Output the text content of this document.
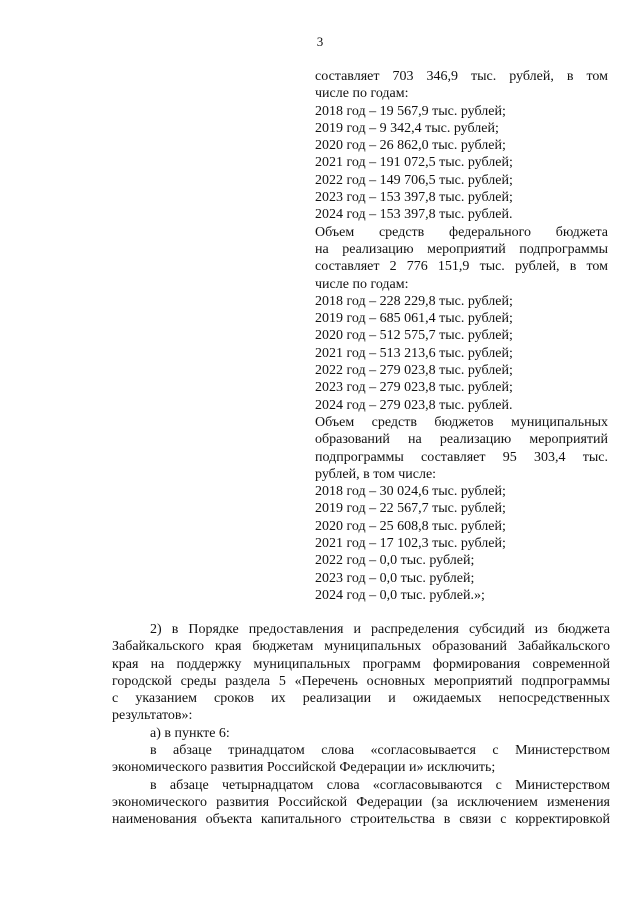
3

составляет 703 346,9 тыс. рублей, в том

числе по годам:

2018 год – 19 567,9 тыс. рублей;

2019 год – 9 342,4 тыс. рублей;

2020 год – 26 862,0 тыс. рублей;

2021 год – 191 072,5 тыс. рублей;

2022 год – 149 706,5 тыс. рублей;

2023 год – 153 397,8 тыс. рублей;

2024 год – 153 397,8 тыс. рублей.

Объем средств федерального бюджета

на реализацию мероприятий подпрограммы

составляет 2 776 151,9 тыс. рублей, в том

числе по годам:

2018 год – 228 229,8 тыс. рублей;

2019 год – 685 061,4 тыс. рублей;

2020 год – 512 575,7 тыс. рублей;

2021 год – 513 213,6 тыс. рублей;

2022 год – 279 023,8 тыс. рублей;

2023 год – 279 023,8 тыс. рублей;

2024 год – 279 023,8 тыс. рублей.

Объем средств бюджетов муниципальных

образований на реализацию мероприятий

подпрограммы составляет 95 303,4 тыс.

рублей, в том числе:

2018 год – 30 024,6 тыс. рублей;

2019 год – 22 567,7 тыс. рублей;

2020 год – 25 608,8 тыс. рублей;

2021 год – 17 102,3 тыс. рублей;

2022 год – 0,0 тыс. рублей;

2023 год – 0,0 тыс. рублей;

2024 год – 0,0 тыс. рублей.»;

2) в Порядке предоставления и распределения субсидий из бюджета

Забайкальского края бюджетам муниципальных образований Забайкальского

края на поддержку муниципальных программ формирования современной

городской среды раздела 5 «Перечень основных мероприятий подпрограммы

с указанием сроков их реализации и ожидаемых непосредственных

результатов»:

а) в пункте 6:

в абзаце тринадцатом слова «согласовывается с Министерством

экономического развития Российской Федерации и» исключить;

в абзаце четырнадцатом слова «согласовываются с Министерством

экономического развития Российской Федерации (за исключением изменения

наименования объекта капитального строительства в связи с корректировкой
